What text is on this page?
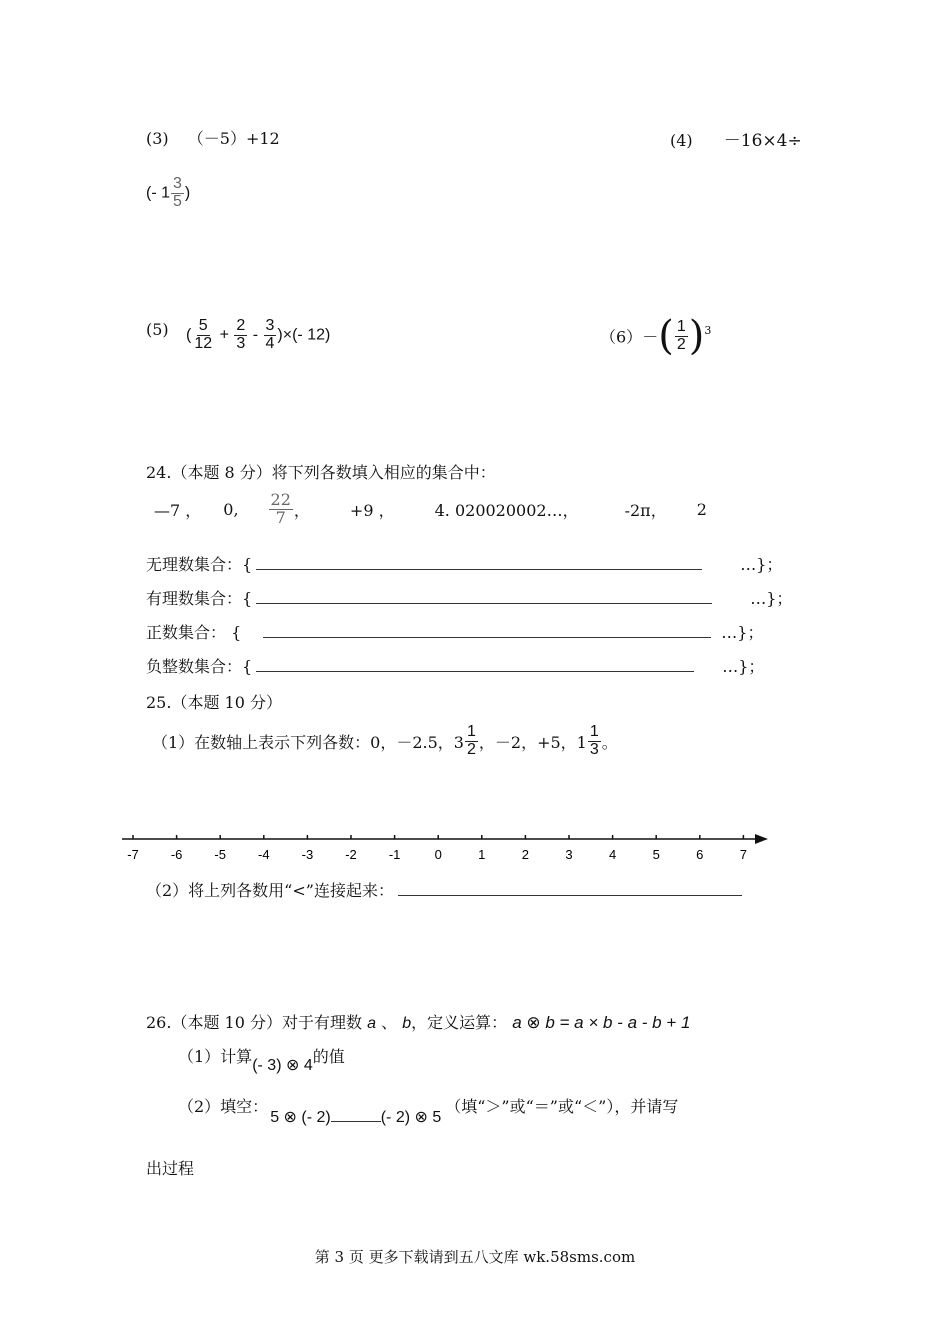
(3) （－5）+12	(4) －16×4÷
(- $1 \frac{3}{5}$ )
(5) ( $\frac{5}{12} + \frac{2}{3} - \frac{3}{4}$ )×(- 12)	$(6)-( \frac{1}{2} )^3$
24.（本题 8 分）将下列各数填入相应的集合中：
—7 ， 0, $\frac{22}{7}$ ，	+9 ，	4. 020020002…，	-2π， 2
无理数集合：{	…}；
有理数集合：{	…}；
正数集合： {	…}；
负整数集合：{	…}；
25.（本题 10 分）
（1）在数轴上表示下列各数：0，－2.5，$3 \frac{1}{2}$ ，－2，+5，$1 \frac{1}{3}$ 。
-7 -6 -5 -4 -3 -2 -1	0	1	2	3	4	5	6	7
（2）将上列各数用“<”连接起来：
26.（本题 10 分）对于有理数 a 、 b，定义运算： a ⊗ b = a × b - a - b + 1
（1）计算(- 3) ⊗ 4的值
（2）填空：5 ⊗ (- 2)	(- 2) ⊗ 5（填“＞”或“＝”或“＜”），并请写
出过程
第 3 页 更多下载请到五八文库 wk.58sms.com
